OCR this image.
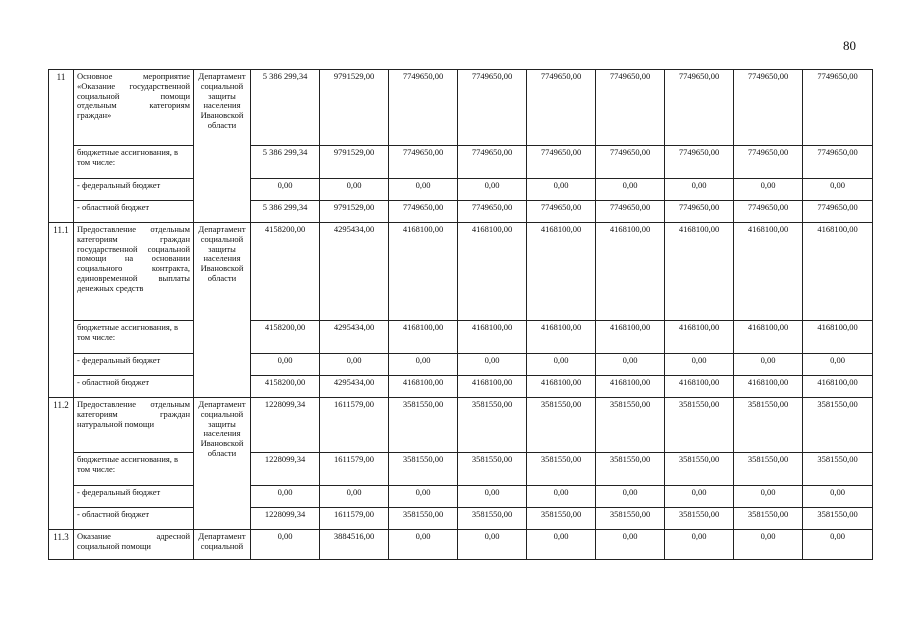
80
11	Основное мероприятие «Оказание государственной социальной помощи отдельным категориям граждан»	Департамент социальной защиты населения Ивановской области	5 386 299,34	9791529,00	7749650,00	7749650,00	7749650,00	7749650,00	7749650,00	7749650,00	7749650,00
	бюджетные ассигнования, в том числе:		5 386 299,34	9791529,00	7749650,00	7749650,00	7749650,00	7749650,00	7749650,00	7749650,00	7749650,00
	- федеральный бюджет		0,00	0,00	0,00	0,00	0,00	0,00	0,00	0,00	0,00
	- областной бюджет		5 386 299,34	9791529,00	7749650,00	7749650,00	7749650,00	7749650,00	7749650,00	7749650,00	7749650,00
11.1	Предоставление отдельным категориям граждан государственной социальной помощи на основании социального контракта, единовременной выплаты денежных средств	Департамент социальной защиты населения Ивановской области	4158200,00	4295434,00	4168100,00	4168100,00	4168100,00	4168100,00	4168100,00	4168100,00	4168100,00
	бюджетные ассигнования, в том числе:		4158200,00	4295434,00	4168100,00	4168100,00	4168100,00	4168100,00	4168100,00	4168100,00	4168100,00
	- федеральный бюджет		0,00	0,00	0,00	0,00	0,00	0,00	0,00	0,00	0,00
	- областной бюджет		4158200,00	4295434,00	4168100,00	4168100,00	4168100,00	4168100,00	4168100,00	4168100,00	4168100,00
11.2	Предоставление отдельным категориям граждан натуральной помощи	Департамент социальной защиты населения Ивановской области	1228099,34	1611579,00	3581550,00	3581550,00	3581550,00	3581550,00	3581550,00	3581550,00	3581550,00
	бюджетные ассигнования, в том числе:		1228099,34	1611579,00	3581550,00	3581550,00	3581550,00	3581550,00	3581550,00	3581550,00	3581550,00
	- федеральный бюджет		0,00	0,00	0,00	0,00	0,00	0,00	0,00	0,00	0,00
	- областной бюджет		1228099,34	1611579,00	3581550,00	3581550,00	3581550,00	3581550,00	3581550,00	3581550,00	3581550,00
11.3	Оказание адресной социальной помощи	Департамент социальной	0,00	3884516,00	0,00	0,00	0,00	0,00	0,00	0,00	0,00
